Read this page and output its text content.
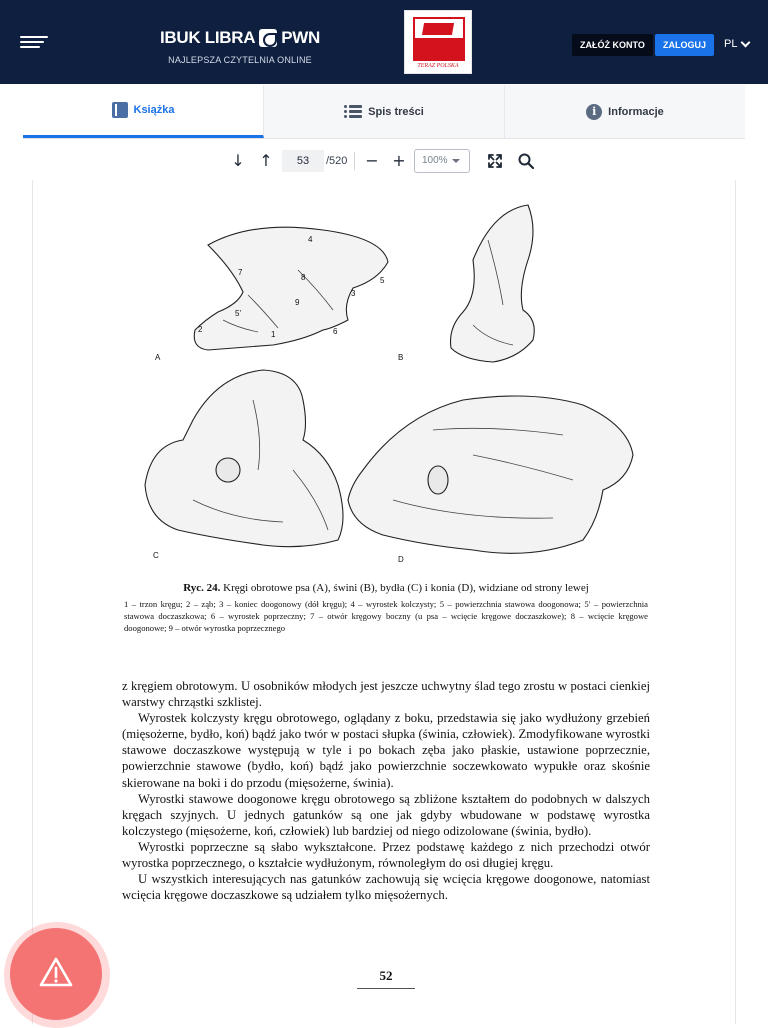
IBUK LIBRA PWN
NAJLEPSZA CZYTELNIA ONLINE
TERAZ POLSKA
ZAŁÓŻ KONTO	ZALOGUJ	PL
Książka	Spis treści	i	Informacje
↓ ↑
53	/520 − +	100%
A	B
C	D
1
2
3
4
5
5'
6
7
8
9
Ryc. 24. Kręgi obrotowe psa (A), świni (B), bydła (C) i konia (D), widziane od strony lewej
1 – trzon kręgu; 2 – ząb; 3 – koniec doogonowy (dół kręgu); 4 – wyrostek kolczysty; 5 – powierzchnia stawowa doogonowa; 5′ – powierzchnia stawowa doczaszkowa; 6 – wyrostek poprzeczny; 7 – otwór kręgowy boczny (u psa – wcięcie kręgowe doczaszkowe); 8 – wcięcie kręgowe doogonowe; 9 – otwór wyrostka poprzecznego

z kręgiem obrotowym. U osobników młodych jest jeszcze uchwytny ślad tego zrostu w postaci cienkiej warstwy chrząstki szklistej.

Wyrostek kolczysty kręgu obrotowego, oglądany z boku, przedstawia się jako wydłużony grzebień (mięsożerne, bydło, koń) bądź jako twór w postaci słupka (świnia, człowiek). Zmodyfikowane wyrostki stawowe doczaszkowe występują w tyle i po bokach zęba jako płaskie, ustawione poprzecznie, powierzchnie stawowe (bydło, koń) bądź jako powierzchnie soczewkowato wypukłe oraz skośnie skierowane na boki i do przodu (mięsożerne, świnia).

Wyrostki stawowe doogonowe kręgu obrotowego są zbliżone kształtem do podobnych w dalszych kręgach szyjnych. U jednych gatunków są one jak gdyby wbudowane w podstawę wyrostka kolczystego (mięsożerne, koń, człowiek) lub bardziej od niego odizolowane (świnia, bydło).

Wyrostki poprzeczne są słabo wykształcone. Przez podstawę każdego z nich przechodzi otwór wyrostka poprzecznego, o kształcie wydłużonym, równoległym do osi długiej kręgu.

U wszystkich interesujących nas gatunków zachowują się wcięcia kręgowe doogonowe, natomiast wcięcia kręgowe doczaszkowe są udziałem tylko mięsożernych.

52
